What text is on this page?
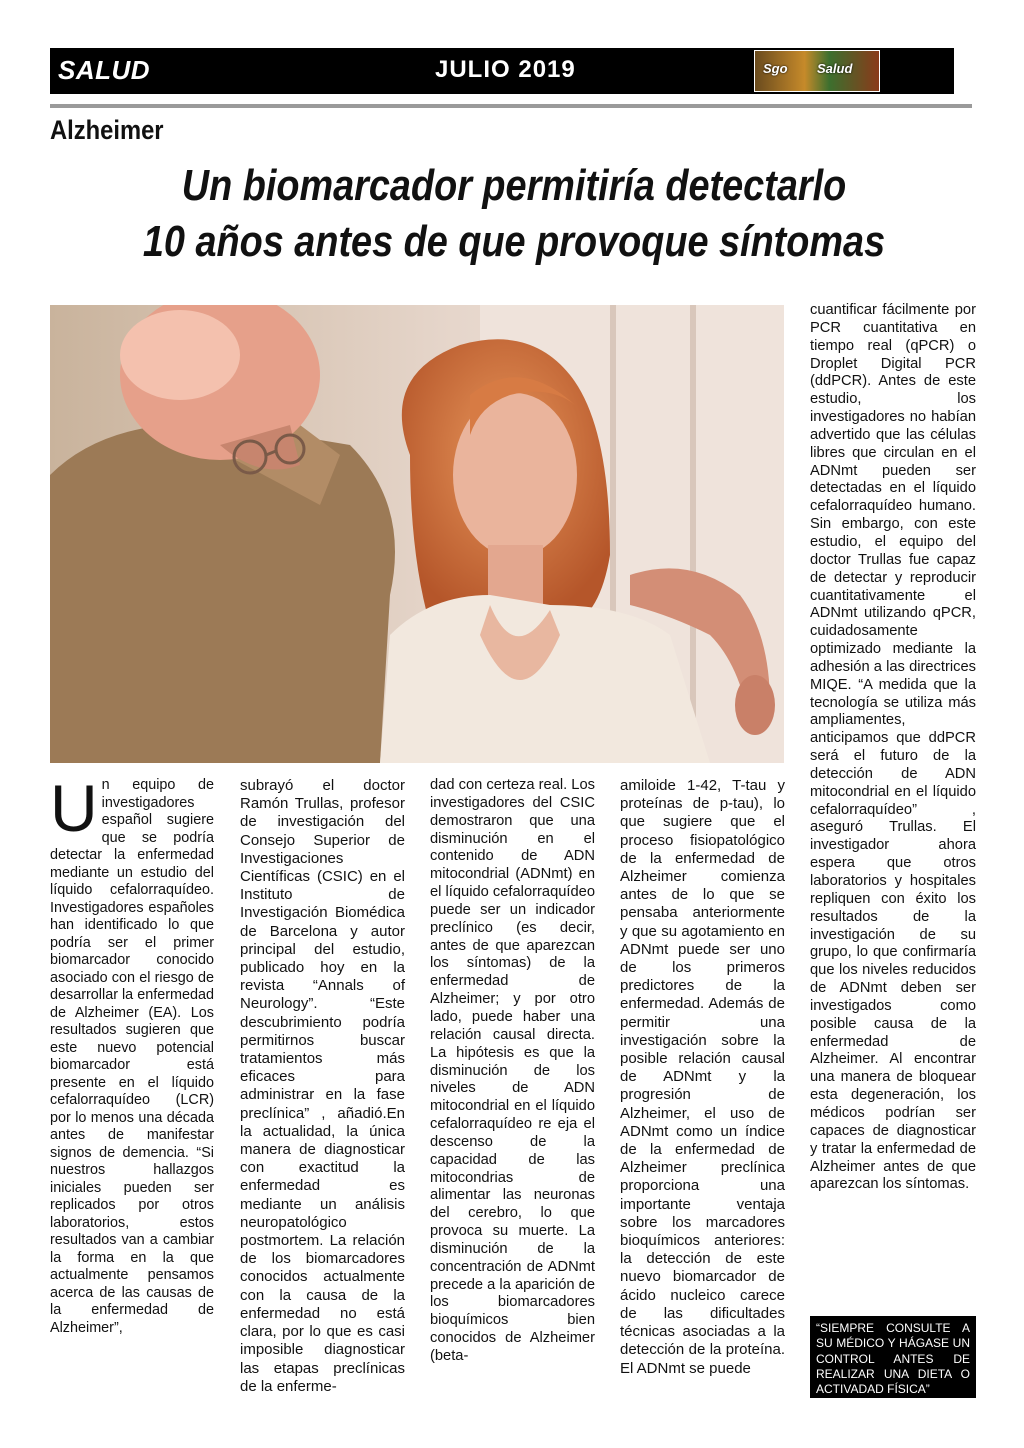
SALUD	JULIO 2019	Sgo Salud	15
Alzheimer
Un biomarcador permitiría detectarlo
10 años antes de que provoque síntomas
Un equipo de investigadores español sugiere que se podría detectar la enfermedad mediante un estudio del líquido cefalorraquídeo. Investigadores españoles han identificado lo que podría ser el primer biomarcador conocido asociado con el riesgo de desarrollar la enfermedad de Alzheimer (EA). Los resultados sugieren que este nuevo potencial biomarcador está presente en el líquido cefalorraquídeo (LCR) por lo menos una década antes de manifestar signos de demencia. “Si nuestros hallazgos iniciales pueden ser replicados por otros laboratorios, estos resultados van a cambiar la forma en la que actualmente pensamos acerca de las causas de la enfermedad de Alzheimer”,
subrayó el doctor Ramón Trullas, profesor de investigación del Consejo Superior de Investigaciones Científicas (CSIC) en el Instituto de Investigación Biomédica de Barcelona y autor principal del estudio, publicado hoy en la revista “Annals of Neurology”. “Este descubrimiento podría permitirnos buscar tratamientos más eficaces para administrar en la fase preclínica” , añadió.En la actualidad, la única manera de diagnosticar con exactitud la enfermedad es mediante un análisis neuropatológico postmortem. La relación de los biomarcadores conocidos actualmente con la causa de la enfermedad no está clara, por lo que es casi imposible diagnosticar las etapas preclínicas de la enferme-
dad con certeza real. Los investigadores del CSIC demostraron que una disminución en el contenido de ADN mitocondrial (ADNmt) en el líquido cefalorraquídeo puede ser un indicador preclínico (es decir, antes de que aparezcan los síntomas) de la enfermedad de Alzheimer; y por otro lado, puede haber una relación causal directa. La hipótesis es que la disminución de los niveles de ADN mitocondrial en el líquido cefalorraquídeo re eja el descenso de la capacidad de las mitocondrias de alimentar las neuronas del cerebro, lo que provoca su muerte. La disminución de la concentración de ADNmt precede a la aparición de los biomarcadores bioquímicos bien conocidos de Alzheimer (beta-
amiloide 1-42, T-tau y proteínas de p-tau), lo que sugiere que el proceso fisiopatológico de la enfermedad de Alzheimer comienza antes de lo que se pensaba anteriormente y que su agotamiento en ADNmt puede ser uno de los primeros predictores de la enfermedad. Además de permitir una investigación sobre la posible relación causal de ADNmt y la progresión de Alzheimer, el uso de ADNmt como un índice de la enfermedad de Alzheimer preclínica proporciona una importante ventaja sobre los marcadores bioquímicos anteriores: la detección de este nuevo biomarcador de ácido nucleico carece de las dificultades técnicas asociadas a la detección de la proteína. El ADNmt se puede
cuantificar fácilmente por PCR cuantitativa en tiempo real (qPCR) o Droplet Digital PCR (ddPCR). Antes de este estudio, los investigadores no habían advertido que las células libres que circulan en el ADNmt pueden ser detectadas en el líquido cefalorraquídeo humano. Sin embargo, con este estudio, el equipo del doctor Trullas fue capaz de detectar y reproducir cuantitativamente el ADNmt utilizando qPCR, cuidadosamente optimizado mediante la adhesión a las directrices MIQE. “A medida que la tecnología se utiliza más ampliamentes, anticipamos que ddPCR será el futuro de la detección de ADN mitocondrial en el líquido cefalorraquídeo” , aseguró Trullas. El investigador ahora espera que otros laboratorios y hospitales repliquen con éxito los resultados de la investigación de su grupo, lo que confirmaría que los niveles reducidos de ADNmt deben ser investigados como posible causa de la enfermedad de Alzheimer. Al encontrar una manera de bloquear esta degeneración, los médicos podrían ser capaces de diagnosticar y tratar la enfermedad de Alzheimer antes de que aparezcan los síntomas.
“SIEMPRE CONSULTE A SU MÉDICO Y HÁGASE UN CONTROL ANTES DE REALIZAR UNA DIETA O ACTIVADAD FÍSICA”
